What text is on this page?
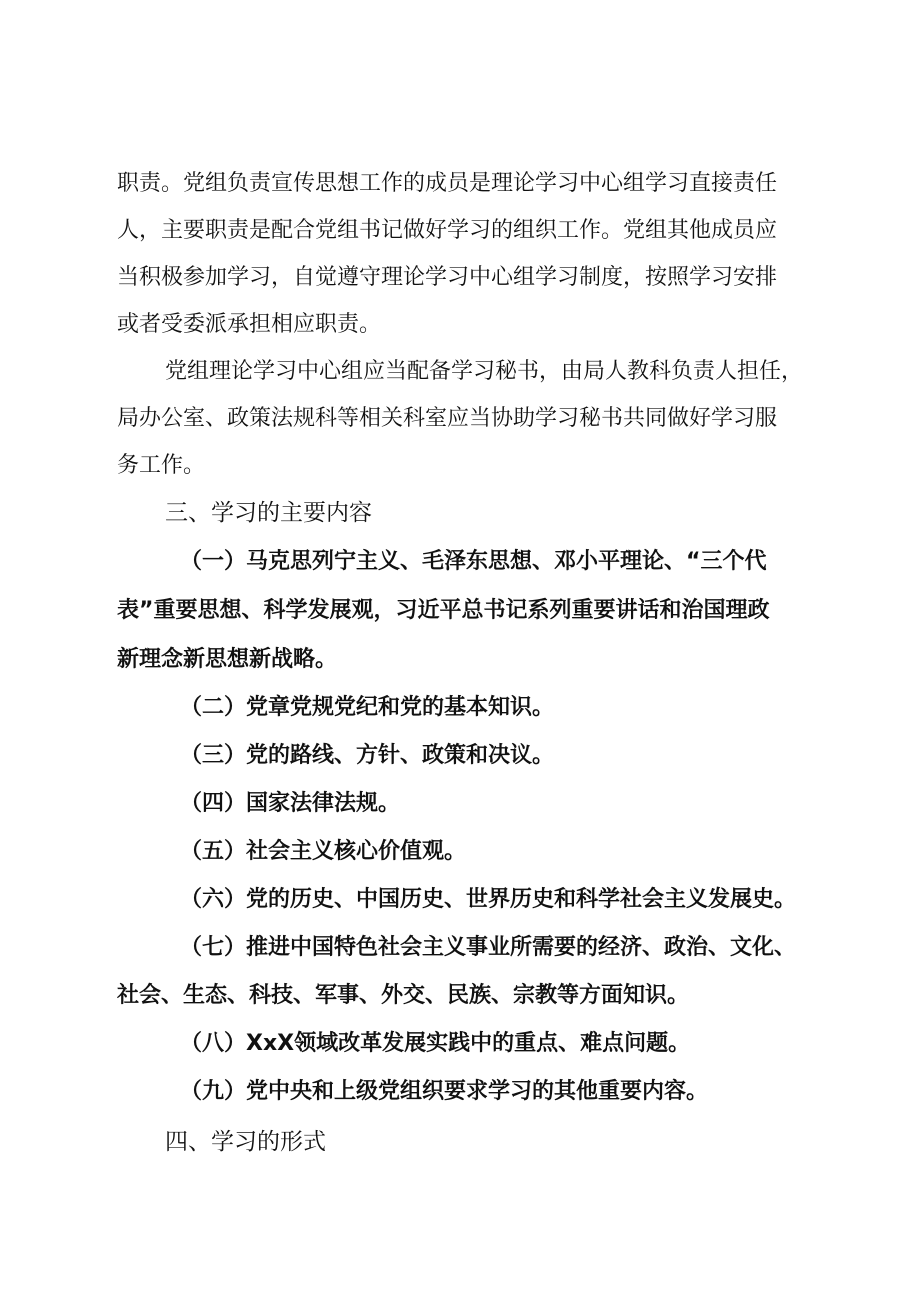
职责。党组负责宣传思想工作的成员是理论学习中心组学习直接责任
人，主要职责是配合党组书记做好学习的组织工作。党组其他成员应
当积极参加学习，自觉遵守理论学习中心组学习制度，按照学习安排
或者受委派承担相应职责。
党组理论学习中心组应当配备学习秘书，由局人教科负责人担任，
局办公室、政策法规科等相关科室应当协助学习秘书共同做好学习服
务工作。
三、学习的主要内容
（一）马克思列宁主义、毛泽东思想、邓小平理论、“三个代
表”重要思想、科学发展观，习近平总书记系列重要讲话和治国理政
新理念新思想新战略。
（二）党章党规党纪和党的基本知识。
（三）党的路线、方针、政策和决议。
（四）国家法律法规。
（五）社会主义核心价值观。
（六）党的历史、中国历史、世界历史和科学社会主义发展史。
（七）推进中国特色社会主义事业所需要的经济、政治、文化、
社会、生态、科技、军事、外交、民族、宗教等方面知识。
（八）XxX领域改革发展实践中的重点、难点问题。
（九）党中央和上级党组织要求学习的其他重要内容。
四、学习的形式
